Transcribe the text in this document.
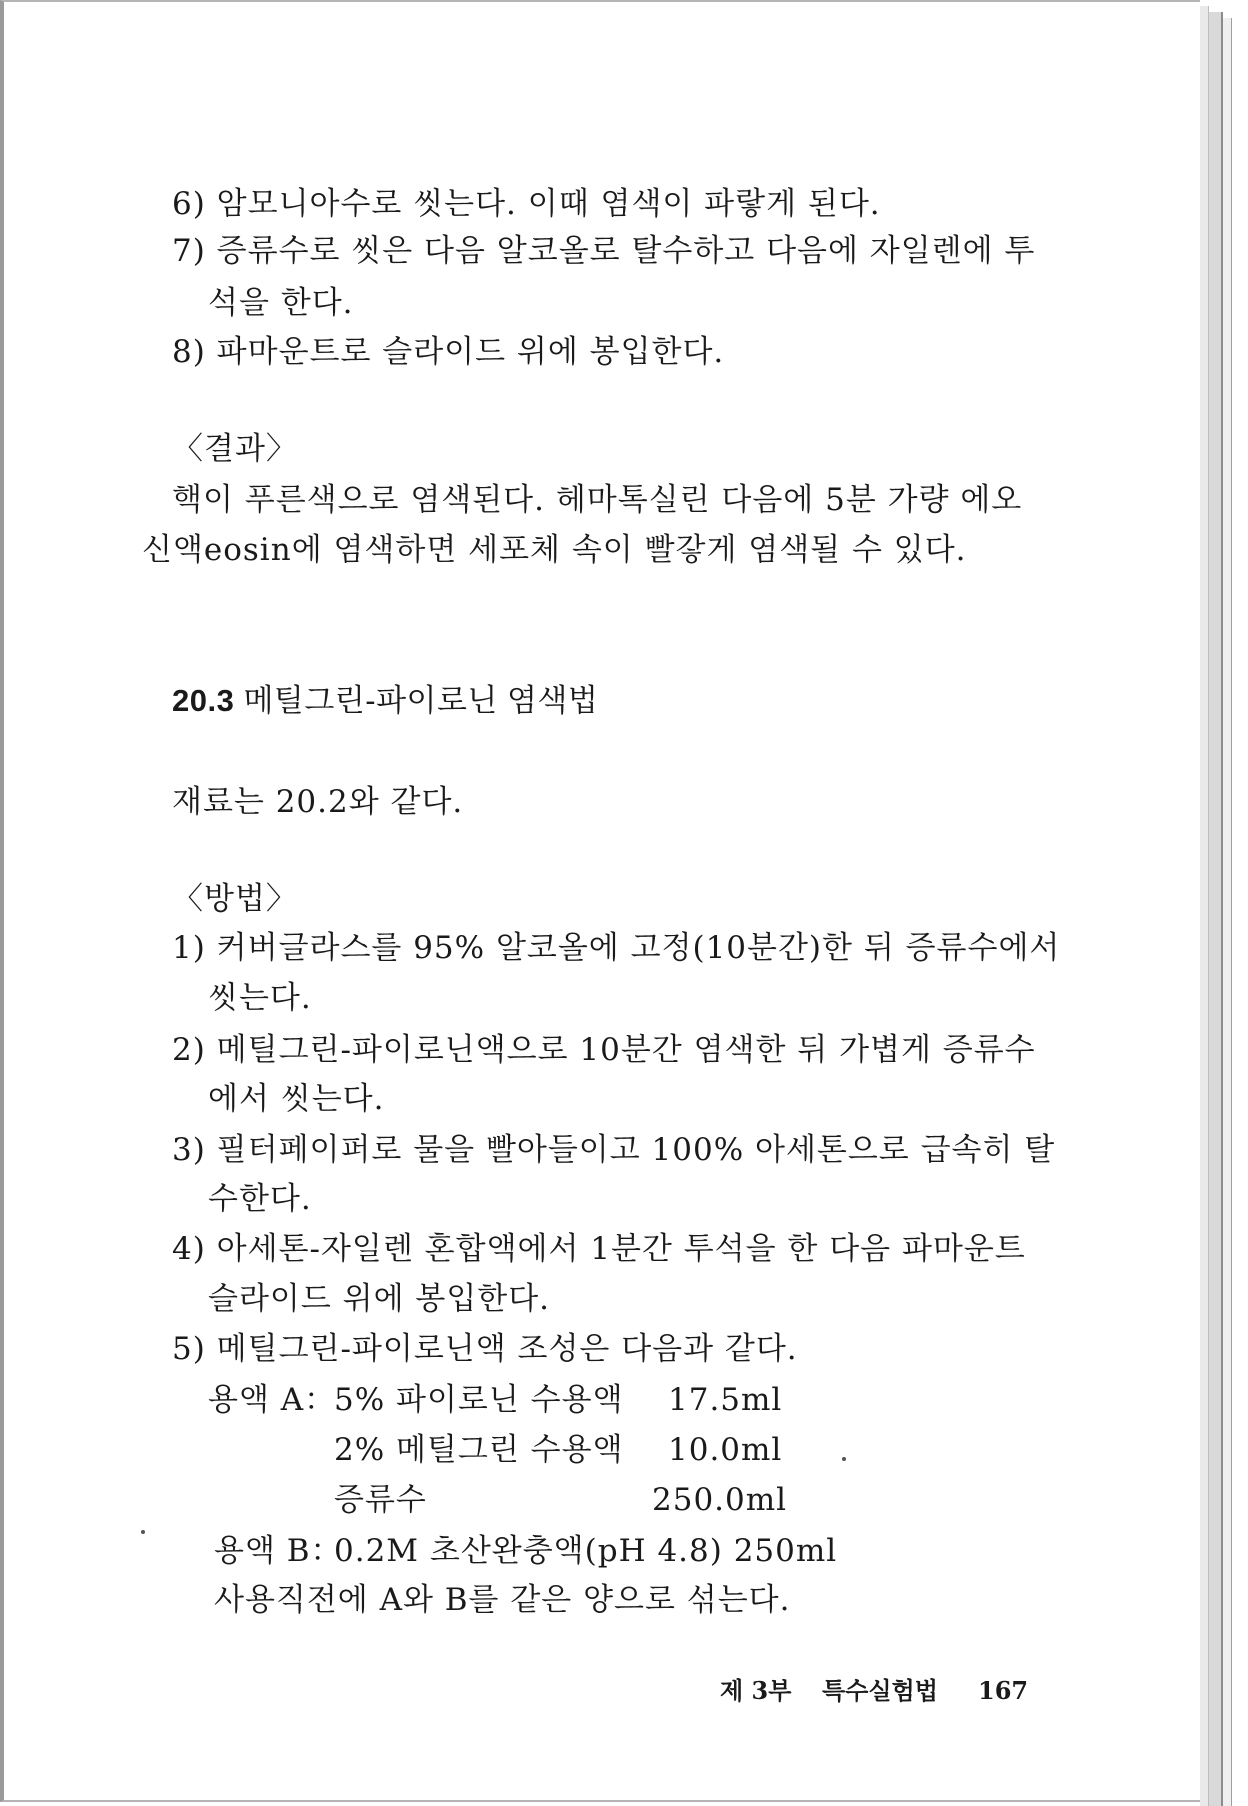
6) 암모니아수로 씻는다. 이때 염색이 파랗게 된다.
7) 증류수로 씻은 다음 알코올로 탈수하고 다음에 자일렌에 투
석을 한다.
8) 파마운트로 슬라이드 위에 봉입한다.
〈결과〉
핵이 푸른색으로 염색된다. 헤마톡실린 다음에 5분 가량 에오
신액eosin에 염색하면 세포체 속이 빨갛게 염색될 수 있다.
20.3 메틸그린-파이로닌 염색법
재료는 20.2와 같다.
〈방법〉
1) 커버글라스를 95% 알코올에 고정(10분간)한 뒤 증류수에서
씻는다.
2) 메틸그린-파이로닌액으로 10분간 염색한 뒤 가볍게 증류수
에서 씻는다.
3) 필터페이퍼로 물을 빨아들이고 100% 아세톤으로 급속히 탈
수한다.
4) 아세톤-자일렌 혼합액에서 1분간 투석을 한 다음 파마운트
슬라이드 위에 봉입한다.
5) 메틸그린-파이로닌액 조성은 다음과 같다.
용액 A：
5% 파이로닌 수용액 17.5ml
2% 메틸그린 수용액 10.0ml
증류수	250.0ml
용액 B：
0.2M 초산완충액(pH 4.8) 250ml
사용직전에 A와 B를 같은 양으로 섞는다.
제 3부 특수실험법 167
